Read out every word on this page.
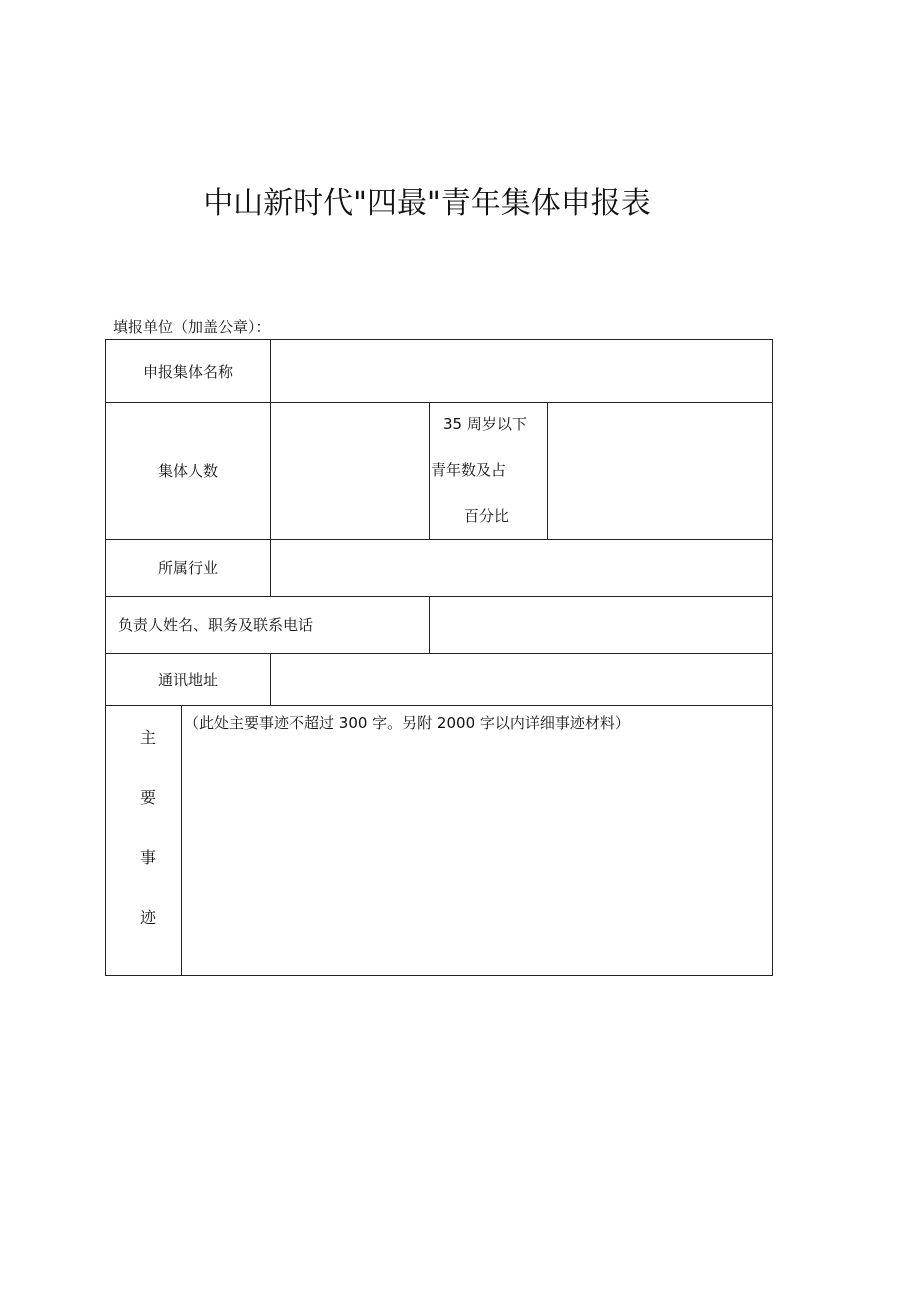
中山新时代"四最"青年集体申报表
填报单位（加盖公章）：
申报集体名称
集体人数
35 周岁以下
青年数及占
百分比
所属行业
负责人姓名、职务及联系电话
通讯地址
主
要
事
迹
（此处主要事迹不超过 300 字。另附 2000 字以内详细事迹材料）
